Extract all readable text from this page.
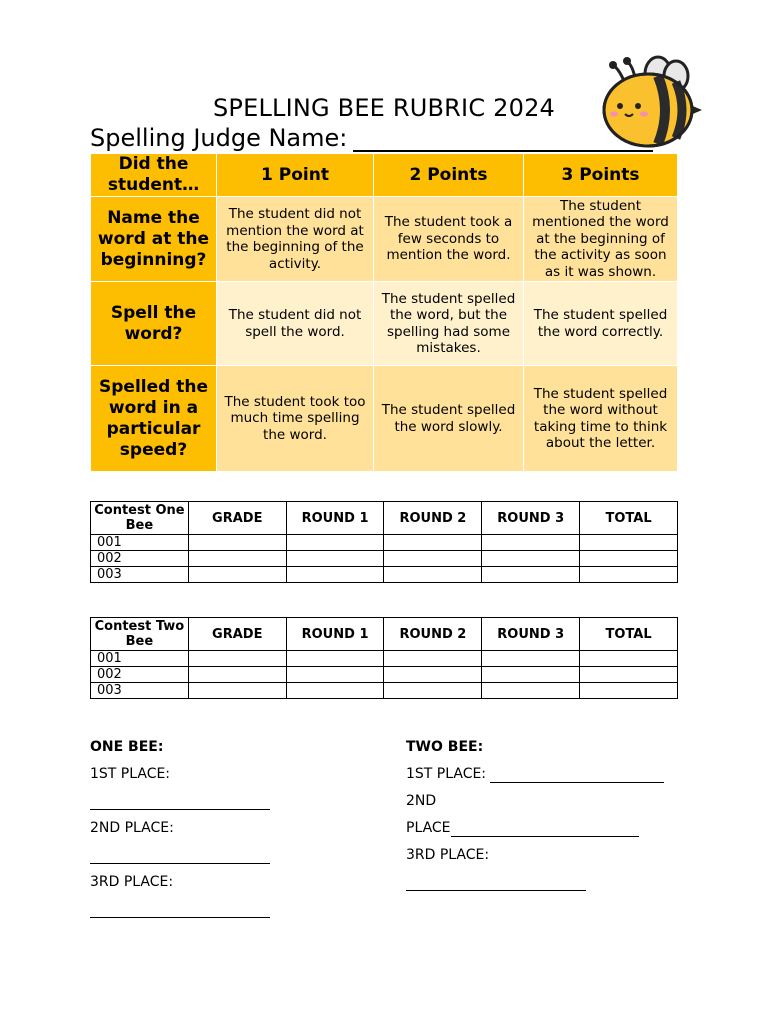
SPELLING BEE RUBRIC 2024
Spelling Judge Name:
Did the student…	1 Point	2 Points	3 Points
Name the word at the beginning?	The student did not mention the word at the beginning of the activity.	The student took a few seconds to mention the word.	The student mentioned the word at the beginning of the activity as soon as it was shown.
Spell the word?	The student did not spell the word.	The student spelled the word, but the spelling had some mistakes.	The student spelled the word correctly.
Spelled the word in a particular speed?	The student took too much time spelling the word.	The student spelled the word slowly.	The student spelled the word without taking time to think about the letter.
Contest One Bee	GRADE	ROUND 1	ROUND 2	ROUND 3	TOTAL
001					
002					
003					
Contest Two Bee	GRADE	ROUND 1	ROUND 2	ROUND 3	TOTAL
001					
002					
003					
ONE BEE:
1ST PLACE:
2ND PLACE:
3RD PLACE:
TWO BEE:
1ST PLACE:
2ND
PLACE
3RD PLACE:
